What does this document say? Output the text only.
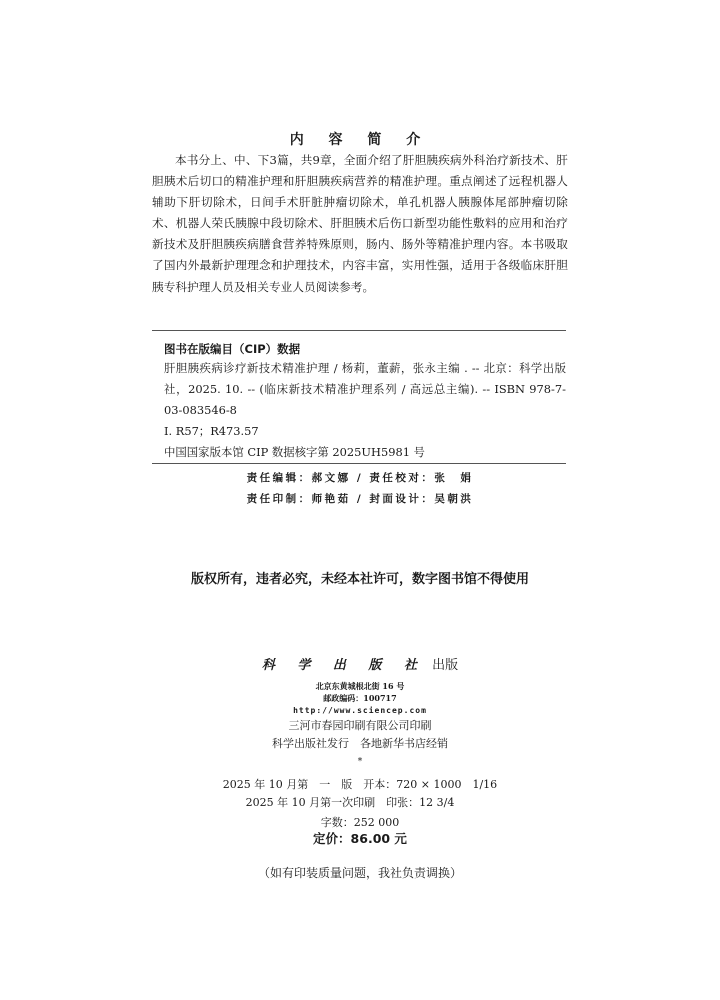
内 容 简 介
本书分上、中、下3篇，共9章，全面介绍了肝胆胰疾病外科治疗新技术、肝胆胰术后切口的精准护理和肝胆胰疾病营养的精准护理。重点阐述了远程机器人辅助下肝切除术，日间手术肝脏肿瘤切除术，单孔机器人胰腺体尾部肿瘤切除术、机器人荣氏胰腺中段切除术、肝胆胰术后伤口新型功能性敷料的应用和治疗新技术及肝胆胰疾病膳食营养特殊原则，肠内、肠外等精准护理内容。本书吸取了国内外最新护理理念和护理技术，内容丰富，实用性强，适用于各级临床肝胆胰专科护理人员及相关专业人员阅读参考。
图书在版编目（CIP）数据
肝胆胰疾病诊疗新技术精准护理 / 杨莉，董薪，张永主编 . -- 北京：科学出版社，2025. 10. -- (临床新技术精准护理系列 / 高远总主编). -- ISBN 978-7-03-083546-8
Ⅰ. R57；R473.57
中国国家版本馆 CIP 数据核字第 2025UH5981 号
责任编辑：郝文娜 / 责任校对：张　娟
责任印制：师艳茹 / 封面设计：吴朝洪
版权所有，违者必究，未经本社许可，数字图书馆不得使用
科 学 出 版 社 出版
北京东黄城根北街 16 号
邮政编码：100717
http://www.sciencep.com
三河市春园印刷有限公司印刷
科学出版社发行　各地新华书店经销
*
2025 年 10 月第　一　版　开本：720 × 1000　1/16
2025 年 10 月第一次印刷　印张：12 3/4
字数：252 000
定价：86.00 元
（如有印装质量问题，我社负责调换）
